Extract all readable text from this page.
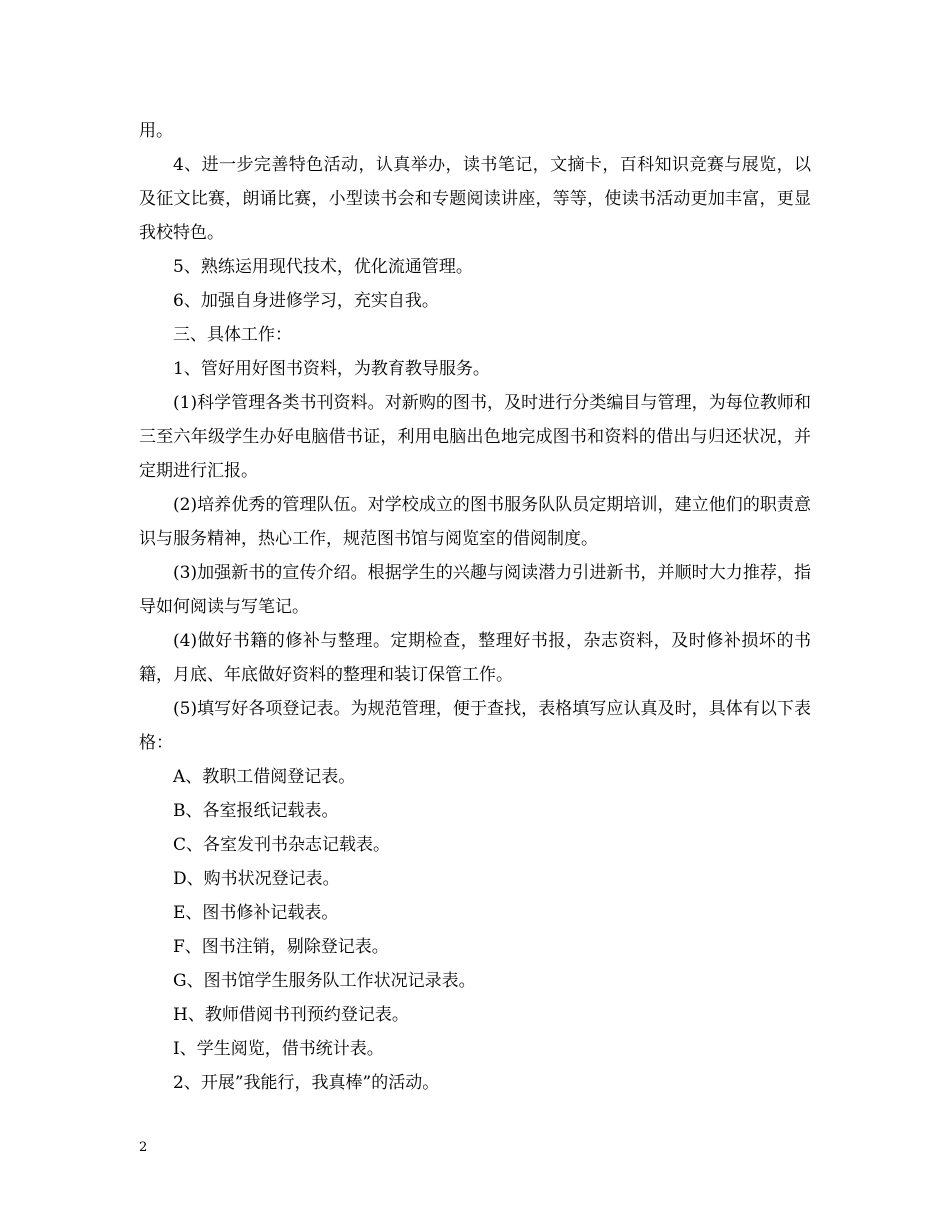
用。

4、进一步完善特色活动，认真举办，读书笔记，文摘卡，百科知识竞赛与展览，以及征文比赛，朗诵比赛，小型读书会和专题阅读讲座，等等，使读书活动更加丰富，更显我校特色。

5、熟练运用现代技术，优化流通管理。

6、加强自身进修学习，充实自我。

三、具体工作：

1、管好用好图书资料，为教育教导服务。

(1)科学管理各类书刊资料。对新购的图书，及时进行分类编目与管理，为每位教师和三至六年级学生办好电脑借书证，利用电脑出色地完成图书和资料的借出与归还状况，并定期进行汇报。

(2)培养优秀的管理队伍。对学校成立的图书服务队队员定期培训，建立他们的职责意识与服务精神，热心工作，规范图书馆与阅览室的借阅制度。

(3)加强新书的宣传介绍。根据学生的兴趣与阅读潜力引进新书，并顺时大力推荐，指导如何阅读与写笔记。

(4)做好书籍的修补与整理。定期检查，整理好书报，杂志资料，及时修补损坏的书籍，月底、年底做好资料的整理和装订保管工作。

(5)填写好各项登记表。为规范管理，便于查找，表格填写应认真及时，具体有以下表格：

A、教职工借阅登记表。

B、各室报纸记载表。

C、各室发刊书杂志记载表。

D、购书状况登记表。

E、图书修补记载表。

F、图书注销，剔除登记表。

G、图书馆学生服务队工作状况记录表。

H、教师借阅书刊预约登记表。

I、学生阅览，借书统计表。

2、开展”我能行，我真棒”的活动。

2
